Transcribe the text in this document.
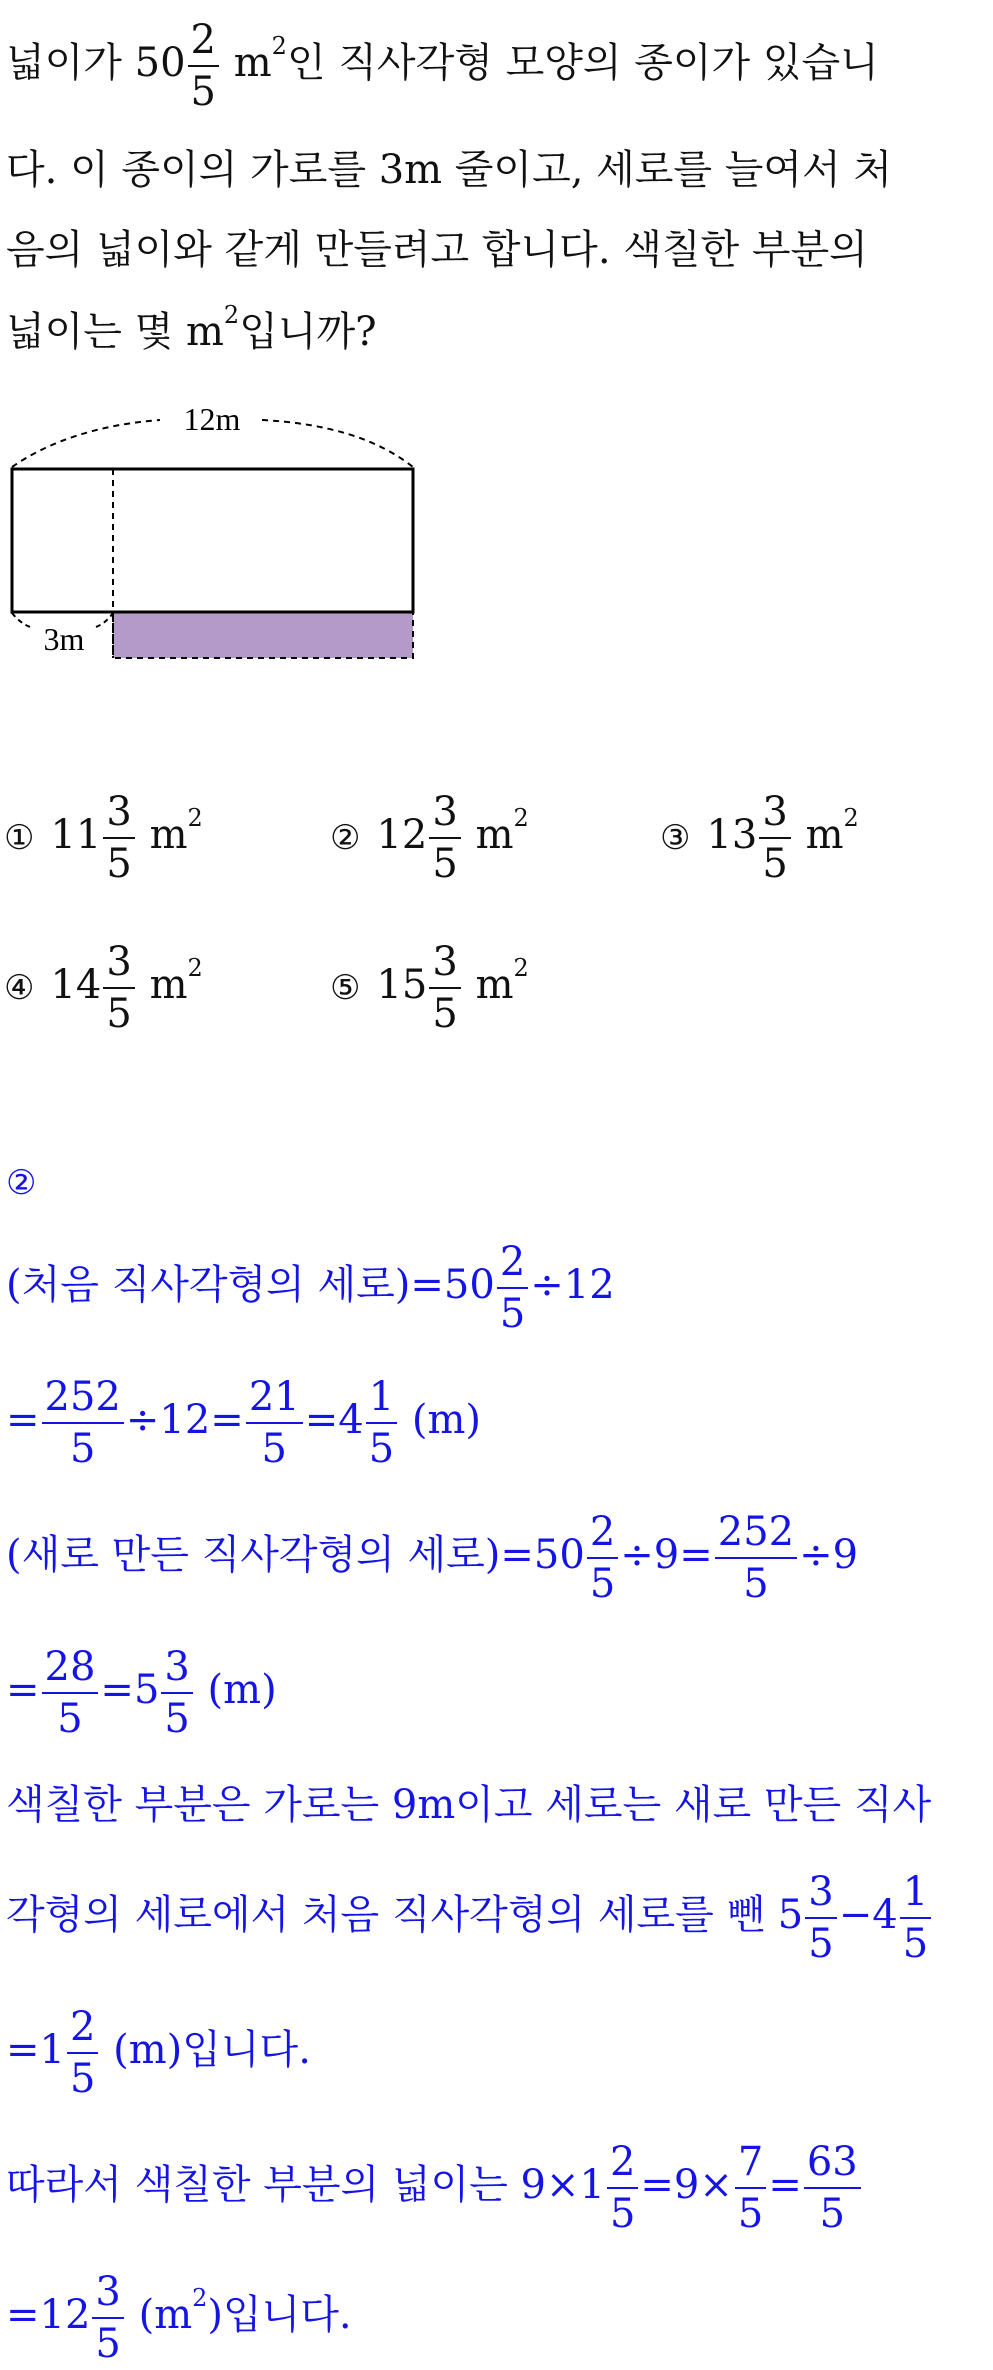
넓이가 $50 \frac{2}{5} m^2$인 직사각형 모양의 종이가 있습니
다. 이 종이의 가로를 3m 줄이고, 세로를 늘여서 처
음의 넓이와 같게 만들려고 합니다. 색칠한 부분의
넓이는 몇 $m^2$입니까?
12m
3m
① $11 \frac{3}{5} m^2$	② $12 \frac{3}{5} m^2$	③ $13 \frac{3}{5} m^2$
④ $14 \frac{3}{5} m^2$	⑤ $15 \frac{3}{5} m^2$
②
(처음 직사각형의 세로)$=50 \frac{2}{5} \div 12$
= $\frac{252}{5} \div 12= \frac{21}{5} =4 \frac{1}{5} (m)$
(새로 만든 직사각형의 세로)$=50 \frac{2}{5} \div 9= \frac{252}{5} \div 9$
= $\frac{28}{5} =5 \frac{3}{5} (m)$
색칠한 부분은 가로는 9m이고 세로는 새로 만든 직사
각형의 세로에서 처음 직사각형의 세로를 뺀 $5 \frac{3}{5} -4 \frac{1}{5}$
$=1 \frac{2}{5} (m)$입니다.
따라서 색칠한 부분의 넓이는 $9\times 1 \frac{2}{5} =9\times \frac{7}{5} = \frac{63}{5}$
$=12 \frac{3}{5} (m^2)$입니다.
